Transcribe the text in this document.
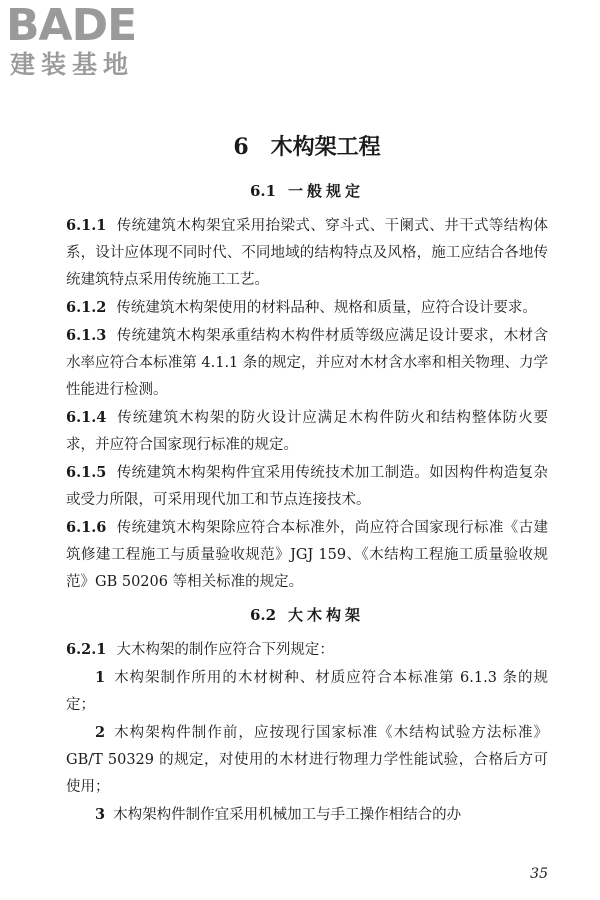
BADE
建装基地
6 木构架工程
6.1 一般规定

6.1.1 传统建筑木构架宜采用抬梁式、穿斗式、干阑式、井干式等结构体系，设计应体现不同时代、不同地域的结构特点及风格，施工应结合各地传统建筑特点采用传统施工工艺。

6.1.2 传统建筑木构架使用的材料品种、规格和质量，应符合设计要求。

6.1.3 传统建筑木构架承重结构木构件材质等级应满足设计要求，木材含水率应符合本标准第 4.1.1 条的规定，并应对木材含水率和相关物理、力学性能进行检测。

6.1.4 传统建筑木构架的防火设计应满足木构件防火和结构整体防火要求，并应符合国家现行标准的规定。

6.1.5 传统建筑木构架构件宜采用传统技术加工制造。如因构件构造复杂或受力所限，可采用现代加工和节点连接技术。

6.1.6 传统建筑木构架除应符合本标准外，尚应符合国家现行标准《古建筑修建工程施工与质量验收规范》JGJ 159、《木结构工程施工质量验收规范》GB 50206 等相关标准的规定。

6.2 大木构架

6.2.1 大木构架的制作应符合下列规定：

1 木构架制作所用的木材树种、材质应符合本标准第 6.1.3 条的规定；

2 木构架构件制作前，应按现行国家标准《木结构试验方法标准》GB/T 50329 的规定，对使用的木材进行物理力学性能试验，合格后方可使用；

3 木构架构件制作宜采用机械加工与手工操作相结合的办

35
